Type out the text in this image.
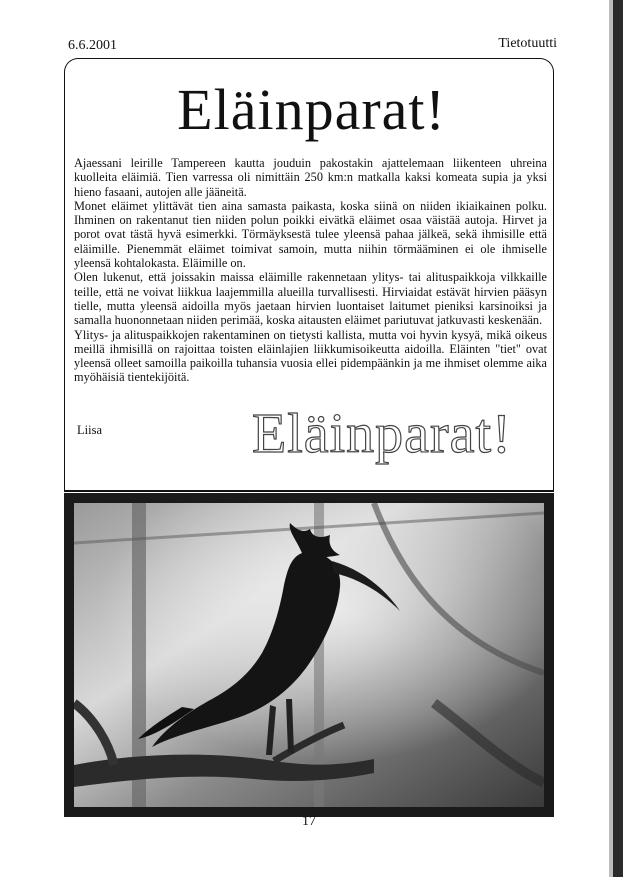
6.6.2001	Tietotuutti
Eläinparat!

Ajaessani leirille Tampereen kautta jouduin pakostakin ajattelemaan liikenteen uhreina kuolleita eläimiä. Tien varressa oli nimittäin 250 km:n matkalla kaksi komeata supia ja yksi hieno fasaani, autojen alle jääneitä.

Monet eläimet ylittävät tien aina samasta paikasta, koska siinä on niiden ikiaikainen polku. Ihminen on rakentanut tien niiden polun poikki eivätkä eläimet osaa väistää autoja. Hirvet ja porot ovat tästä hyvä esimerkki. Törmäyksestä tulee yleensä pahaa jälkeä, sekä ihmisille että eläimille. Pienemmät eläimet toimivat samoin, mutta niihin törmääminen ei ole ihmiselle yleensä kohtalokasta. Eläimille on.

Olen lukenut, että joissakin maissa eläimille rakennetaan ylitys- tai alituspaikkoja vilkkaille teille, että ne voivat liikkua laajemmilla alueilla turvallisesti. Hirviaidat estävät hirvien pääsyn tielle, mutta yleensä aidoilla myös jaetaan hirvien luontaiset laitumet pieniksi karsinoiksi ja samalla huononnetaan niiden perimää, koska aitausten eläimet pariutuvat jatkuvasti keskenään.

Ylitys- ja alituspaikkojen rakentaminen on tietysti kallista, mutta voi hyvin kysyä, mikä oikeus meillä ihmisillä on rajoittaa toisten eläinlajien liikkumisoikeutta aidoilla. Eläinten "tiet" ovat yleensä olleet samoilla paikoilla tuhansia vuosia ellei pidempäänkin ja me ihmiset olemme aika myöhäisiä tientekijöitä.

Liisa	Eläinparat!
17
